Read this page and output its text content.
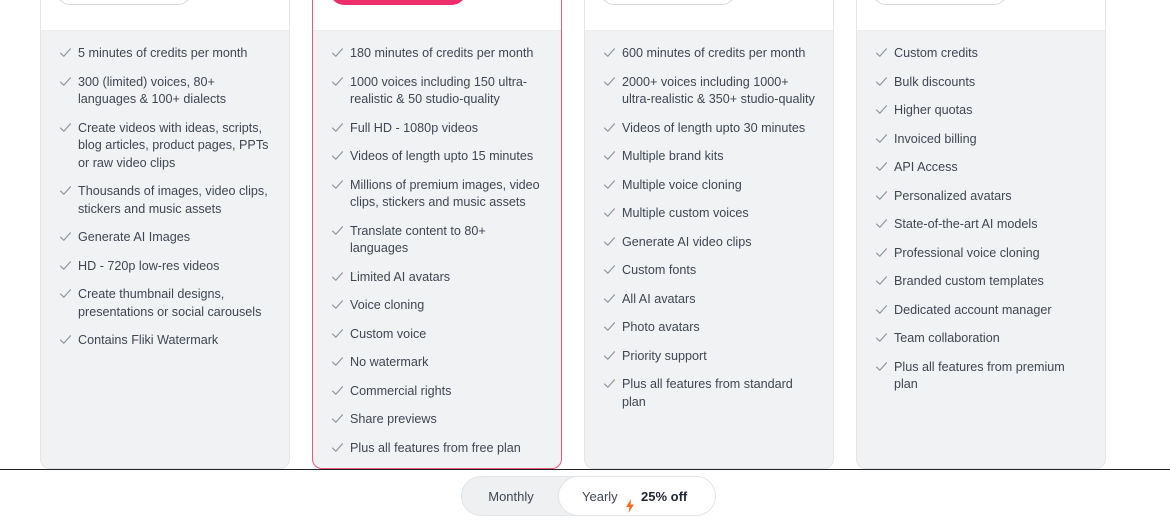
5 minutes of credits per month
300 (limited) voices, 80+ languages & 100+ dialects
Create videos with ideas, scripts, blog articles, product pages, PPTs or raw video clips
Thousands of images, video clips, stickers and music assets
Generate AI Images
HD - 720p low-res videos
Create thumbnail designs, presentations or social carousels
Contains Fliki Watermark
180 minutes of credits per month
1000 voices including 150 ultra-realistic & 50 studio-quality
Full HD - 1080p videos
Videos of length upto 15 minutes
Millions of premium images, video clips, stickers and music assets
Translate content to 80+ languages
Limited AI avatars
Voice cloning
Custom voice
No watermark
Commercial rights
Share previews
Plus all features from free plan
600 minutes of credits per month
2000+ voices including 1000+ ultra-realistic & 350+ studio-quality
Videos of length upto 30 minutes
Multiple brand kits
Multiple voice cloning
Multiple custom voices
Generate AI video clips
Custom fonts
All AI avatars
Photo avatars
Priority support
Plus all features from standard plan
Custom credits
Bulk discounts
Higher quotas
Invoiced billing
API Access
Personalized avatars
State-of-the-art AI models
Professional voice cloning
Branded custom templates
Dedicated account manager
Team collaboration
Plus all features from premium plan
Monthly	Yearly 25% off
